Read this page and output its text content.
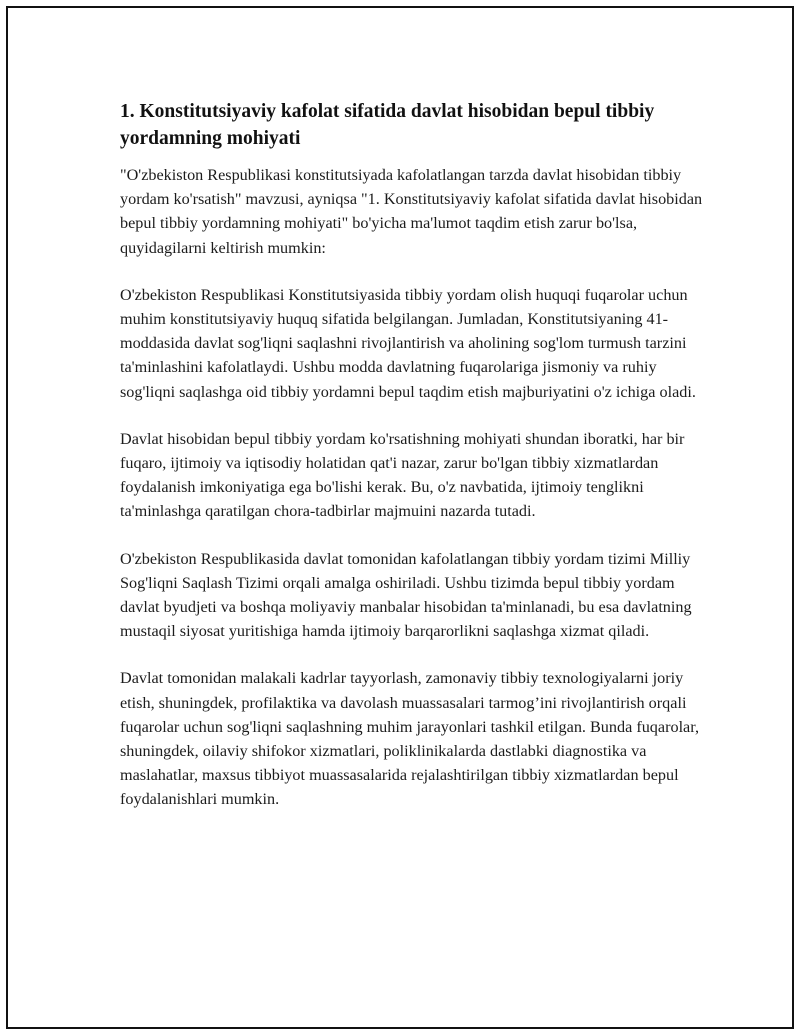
1. Konstitutsiyaviy kafolat sifatida davlat hisobidan bepul tibbiy yordamning mohiyati

"O'zbekiston Respublikasi konstitutsiyada kafolatlangan tarzda davlat hisobidan tibbiy yordam ko'rsatish" mavzusi, ayniqsa "1. Konstitutsiyaviy kafolat sifatida davlat hisobidan bepul tibbiy yordamning mohiyati" bo'yicha ma'lumot taqdim etish zarur bo'lsa, quyidagilarni keltirish mumkin:

O'zbekiston Respublikasi Konstitutsiyasida tibbiy yordam olish huquqi fuqarolar uchun muhim konstitutsiyaviy huquq sifatida belgilangan. Jumladan, Konstitutsiyaning 41-moddasida davlat sog'liqni saqlashni rivojlantirish va aholining sog'lom turmush tarzini ta'minlashini kafolatlaydi. Ushbu modda davlatning fuqarolariga jismoniy va ruhiy sog'liqni saqlashga oid tibbiy yordamni bepul taqdim etish majburiyatini o'z ichiga oladi.

Davlat hisobidan bepul tibbiy yordam ko'rsatishning mohiyati shundan iboratki, har bir fuqaro, ijtimoiy va iqtisodiy holatidan qat'i nazar, zarur bo'lgan tibbiy xizmatlardan foydalanish imkoniyatiga ega bo'lishi kerak. Bu, o'z navbatida, ijtimoiy tenglikni ta'minlashga qaratilgan chora-tadbirlar majmuini nazarda tutadi.

O'zbekiston Respublikasida davlat tomonidan kafolatlangan tibbiy yordam tizimi Milliy Sog'liqni Saqlash Tizimi orqali amalga oshiriladi. Ushbu tizimda bepul tibbiy yordam davlat byudjeti va boshqa moliyaviy manbalar hisobidan ta'minlanadi, bu esa davlatning mustaqil siyosat yuritishiga hamda ijtimoiy barqarorlikni saqlashga xizmat qiladi.

Davlat tomonidan malakali kadrlar tayyorlash, zamonaviy tibbiy texnologiyalarni joriy etish, shuningdek, profilaktika va davolash muassasalari tarmog’ini rivojlantirish orqali fuqarolar uchun sog'liqni saqlashning muhim jarayonlari tashkil etilgan. Bunda fuqarolar, shuningdek, oilaviy shifokor xizmatlari, poliklinikalarda dastlabki diagnostika va maslahatlar, maxsus tibbiyot muassasalarida rejalashtirilgan tibbiy xizmatlardan bepul foydalanishlari mumkin.
